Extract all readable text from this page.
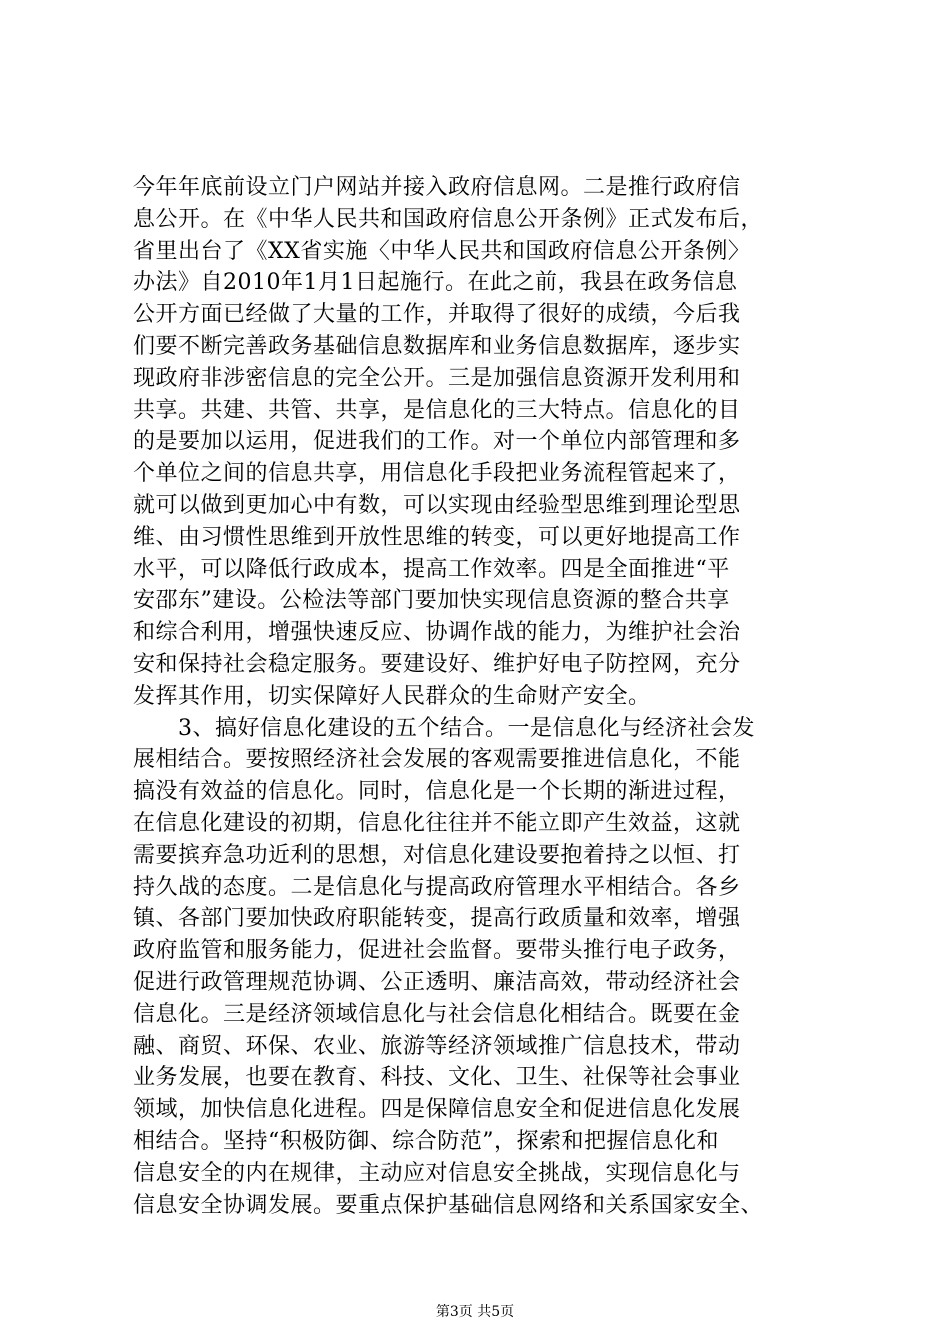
今年年底前设立门户网站并接入政府信息网。二是推行政府信
息公开。在《中华人民共和国政府信息公开条例》正式发布后，
省里出台了《XX省实施〈中华人民共和国政府信息公开条例〉
办法》自2010年1月1日起施行。在此之前，我县在政务信息
公开方面已经做了大量的工作，并取得了很好的成绩，今后我
们要不断完善政务基础信息数据库和业务信息数据库，逐步实
现政府非涉密信息的完全公开。三是加强信息资源开发利用和
共享。共建、共管、共享，是信息化的三大特点。信息化的目
的是要加以运用，促进我们的工作。对一个单位内部管理和多
个单位之间的信息共享，用信息化手段把业务流程管起来了，
就可以做到更加心中有数，可以实现由经验型思维到理论型思
维、由习惯性思维到开放性思维的转变，可以更好地提高工作
水平，可以降低行政成本，提高工作效率。四是全面推进“平
安邵东”建设。公检法等部门要加快实现信息资源的整合共享
和综合利用，增强快速反应、协调作战的能力，为维护社会治
安和保持社会稳定服务。要建设好、维护好电子防控网，充分
发挥其作用，切实保障好人民群众的生命财产安全。
　　3、搞好信息化建设的五个结合。一是信息化与经济社会发
展相结合。要按照经济社会发展的客观需要推进信息化，不能
搞没有效益的信息化。同时，信息化是一个长期的渐进过程，
在信息化建设的初期，信息化往往并不能立即产生效益，这就
需要摈弃急功近利的思想，对信息化建设要抱着持之以恒、打
持久战的态度。二是信息化与提高政府管理水平相结合。各乡
镇、各部门要加快政府职能转变，提高行政质量和效率，增强
政府监管和服务能力，促进社会监督。要带头推行电子政务，
促进行政管理规范协调、公正透明、廉洁高效，带动经济社会
信息化。三是经济领域信息化与社会信息化相结合。既要在金
融、商贸、环保、农业、旅游等经济领域推广信息技术，带动
业务发展，也要在教育、科技、文化、卫生、社保等社会事业
领域，加快信息化进程。四是保障信息安全和促进信息化发展
相结合。坚持“积极防御、综合防范”，探索和把握信息化和
信息安全的内在规律，主动应对信息安全挑战，实现信息化与
信息安全协调发展。要重点保护基础信息网络和关系国家安全、
第3页 共5页
